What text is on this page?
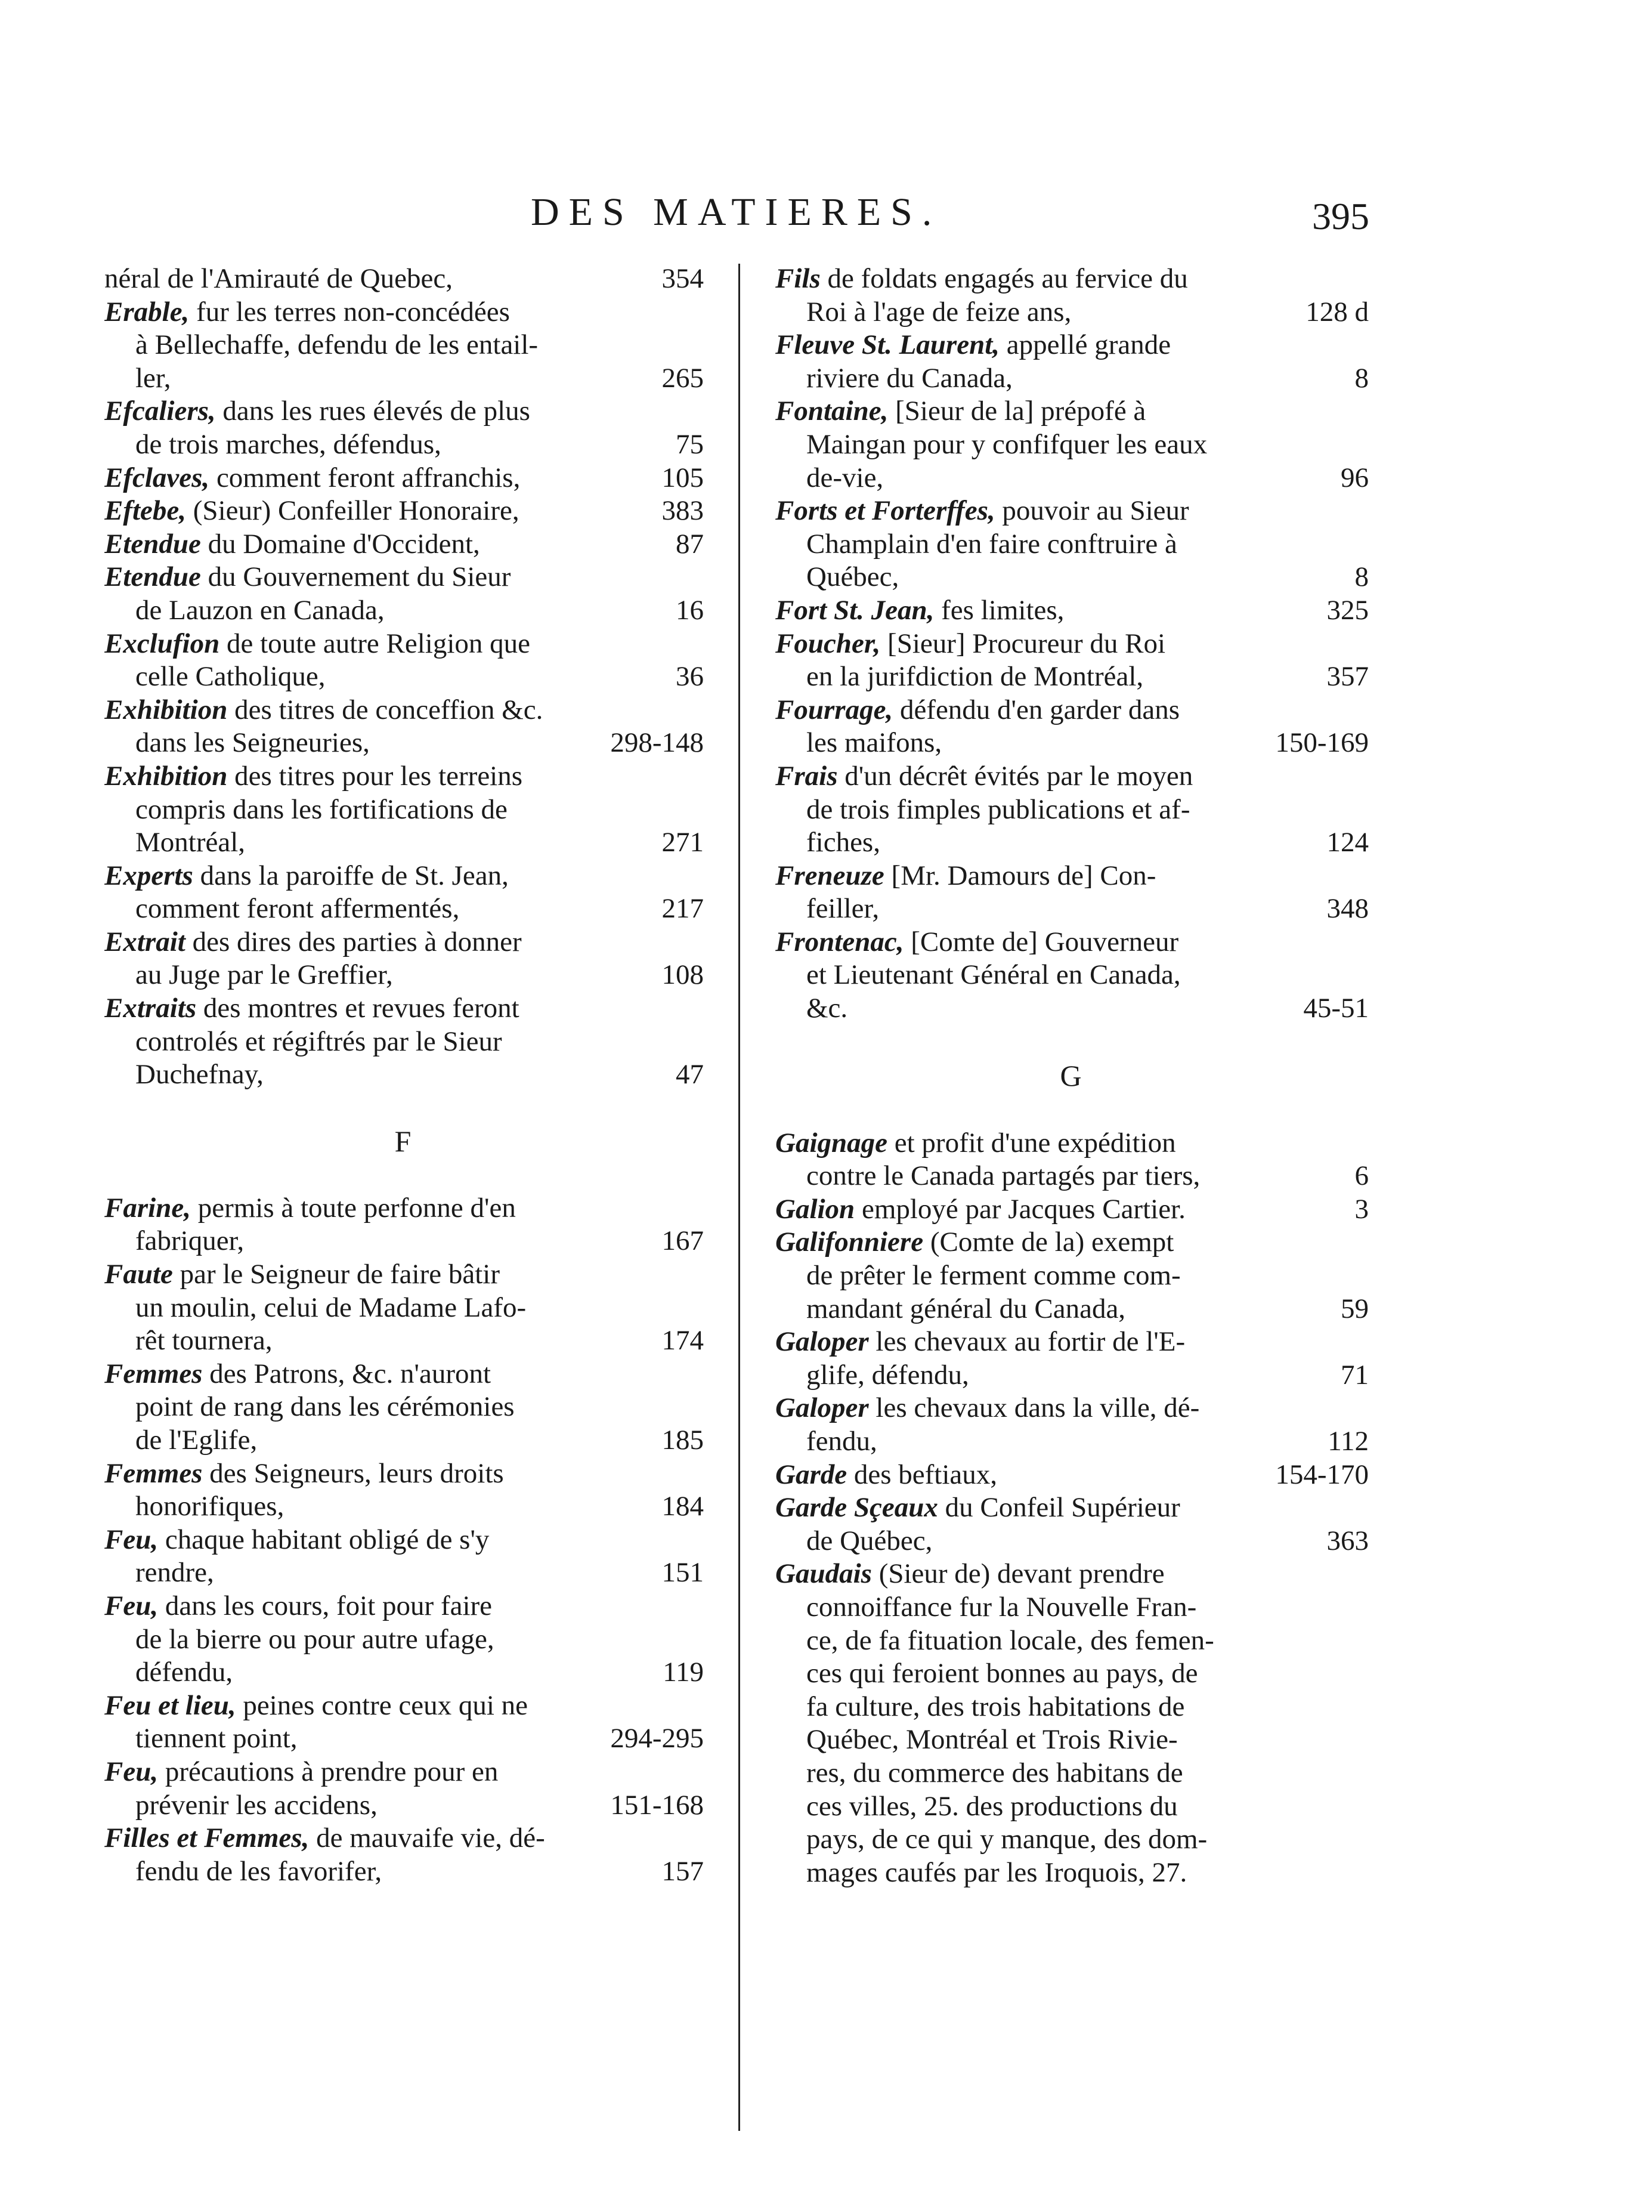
DES MATIERES.	395
néral de l'Amirauté de Quebec,	354
Erable, fur les terres non-concédées
à Bellechaffe, defendu de les entail-
ler,	265
Efcaliers, dans les rues élevés de plus
de trois marches, défendus,	75
Efclaves, comment feront affranchis,	105
Eftebe, (Sieur) Confeiller Honoraire,	383
Etendue du Domaine d'Occident,	87
Etendue du Gouvernement du Sieur
de Lauzon en Canada,	16
Exclufion de toute autre Religion que
celle Catholique,	36
Exhibition des titres de conceffion &c.
dans les Seigneuries,	298-148
Exhibition des titres pour les terreins
compris dans les fortifications de
Montréal,	271
Experts dans la paroiffe de St. Jean,
comment feront affermentés,	217
Extrait des dires des parties à donner
au Juge par le Greffier,	108
Extraits des montres et revues feront
controlés et régiftrés par le Sieur
Duchefnay,	47
F
Farine, permis à toute perfonne d'en
fabriquer,	167
Faute par le Seigneur de faire bâtir
un moulin, celui de Madame Lafo-
rêt tournera,	174
Femmes des Patrons, &c. n'auront
point de rang dans les cérémonies
de l'Eglife,	185
Femmes des Seigneurs, leurs droits
honorifiques,	184
Feu, chaque habitant obligé de s'y
rendre,	151
Feu, dans les cours, foit pour faire
de la bierre ou pour autre ufage,
défendu,	119
Feu et lieu, peines contre ceux qui ne
tiennent point,	294-295
Feu, précautions à prendre pour en
prévenir les accidens,	151-168
Filles et Femmes, de mauvaife vie, dé-
fendu de les favorifer,	157
Fils de foldats engagés au fervice du
Roi à l'age de feize ans,	128 d
Fleuve St. Laurent, appellé grande
riviere du Canada,	8
Fontaine, [Sieur de la] prépofé à
Maingan pour y confifquer les eaux
de-vie,	96
Forts et Forterffes, pouvoir au Sieur
Champlain d'en faire conftruire à
Québec,	8
Fort St. Jean, fes limites,	325
Foucher, [Sieur] Procureur du Roi
en la jurifdiction de Montréal,	357
Fourrage, défendu d'en garder dans
les maifons,	150-169
Frais d'un décrêt évités par le moyen
de trois fimples publications et af-
fiches,	124
Freneuze [Mr. Damours de] Con-
feiller,	348
Frontenac, [Comte de] Gouverneur
et Lieutenant Général en Canada,
&c.	45-51
G
Gaignage et profit d'une expédition
contre le Canada partagés par tiers,	6
Galion employé par Jacques Cartier.	3
Galifonniere (Comte de la) exempt
de prêter le ferment comme com-
mandant général du Canada,	59
Galoper les chevaux au fortir de l'E-
glife, défendu,	71
Galoper les chevaux dans la ville, dé-
fendu,	112
Garde des beftiaux,	154-170
Garde Sçeaux du Confeil Supérieur
de Québec,	363
Gaudais (Sieur de) devant prendre
connoiffance fur la Nouvelle Fran-
ce, de fa fituation locale, des femen-
ces qui feroient bonnes au pays, de
fa culture, des trois habitations de
Québec, Montréal et Trois Rivie-
res, du commerce des habitans de
ces villes, 25. des productions du
pays, de ce qui y manque, des dom-
mages caufés par les Iroquois, 27.
